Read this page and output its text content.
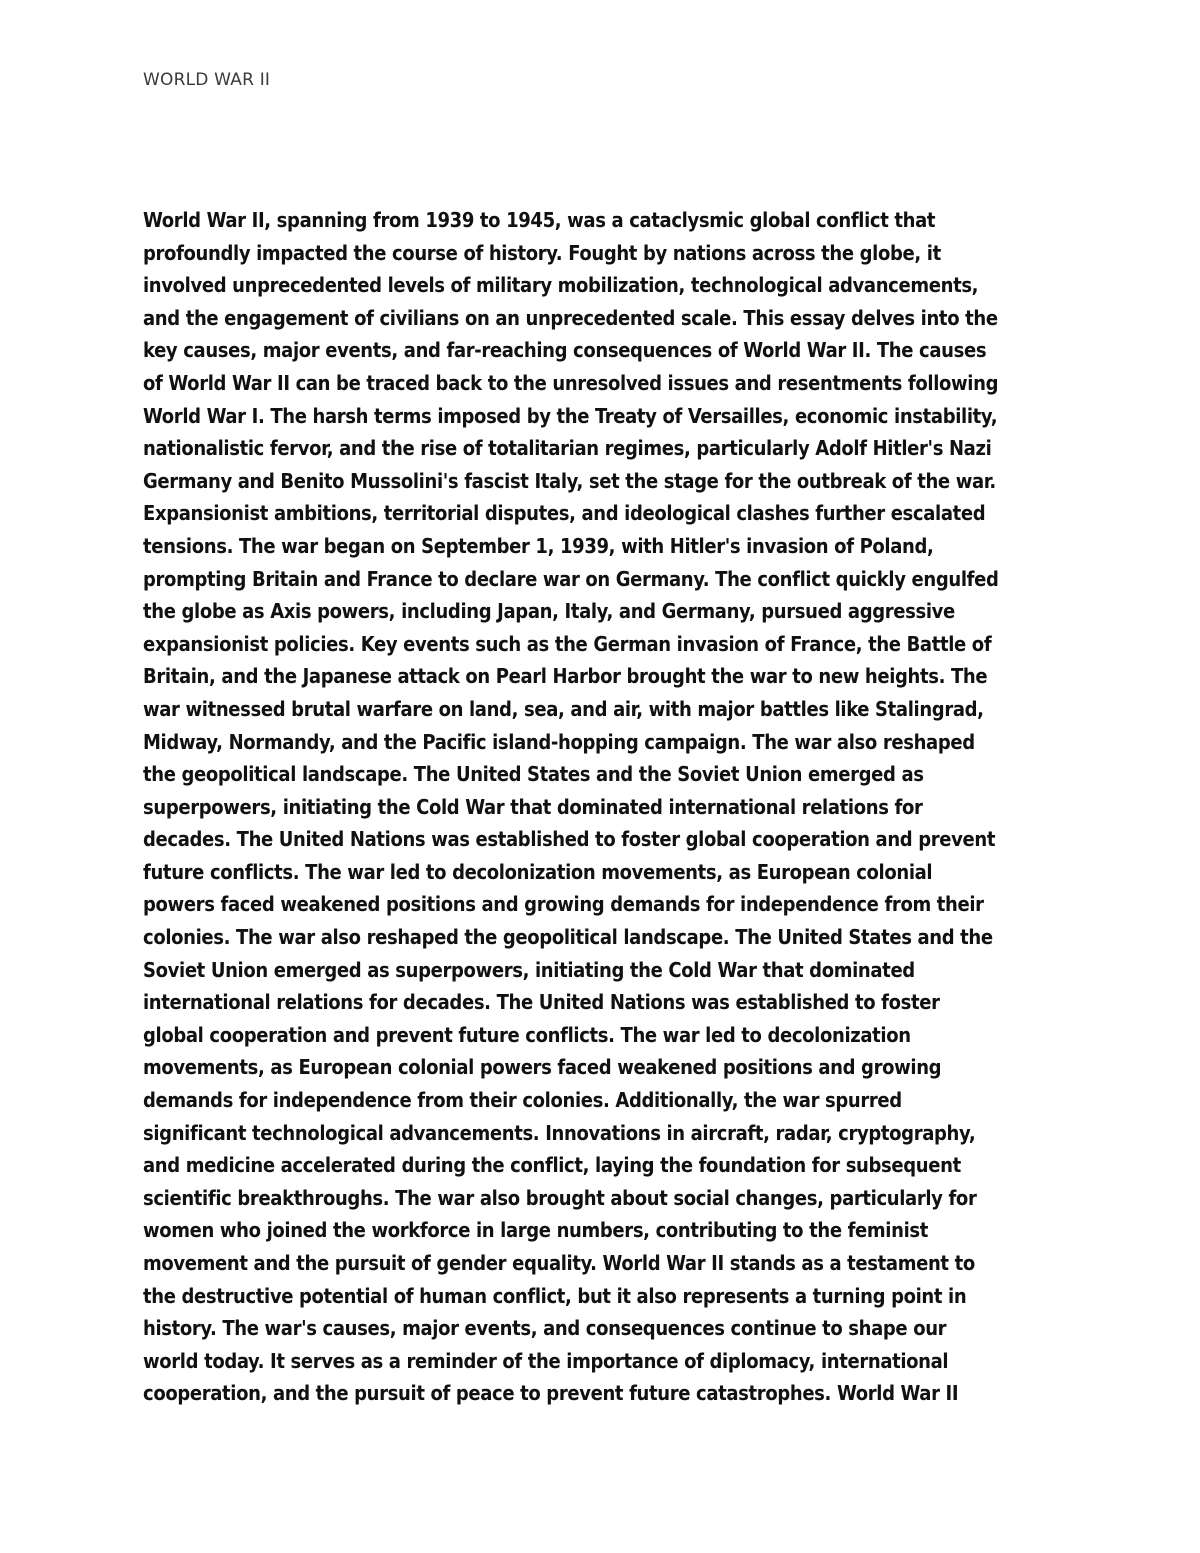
WORLD WAR II
World War II, spanning from 1939 to 1945, was a cataclysmic global conflict that
profoundly impacted the course of history. Fought by nations across the globe, it
involved unprecedented levels of military mobilization, technological advancements,
and the engagement of civilians on an unprecedented scale. This essay delves into the
key causes, major events, and far-reaching consequences of World War II. The causes
of World War II can be traced back to the unresolved issues and resentments following
World War I. The harsh terms imposed by the Treaty of Versailles, economic instability,
nationalistic fervor, and the rise of totalitarian regimes, particularly Adolf Hitler's Nazi
Germany and Benito Mussolini's fascist Italy, set the stage for the outbreak of the war.
Expansionist ambitions, territorial disputes, and ideological clashes further escalated
tensions. The war began on September 1, 1939, with Hitler's invasion of Poland,
prompting Britain and France to declare war on Germany. The conflict quickly engulfed
the globe as Axis powers, including Japan, Italy, and Germany, pursued aggressive
expansionist policies. Key events such as the German invasion of France, the Battle of
Britain, and the Japanese attack on Pearl Harbor brought the war to new heights. The
war witnessed brutal warfare on land, sea, and air, with major battles like Stalingrad,
Midway, Normandy, and the Pacific island-hopping campaign. The war also reshaped
the geopolitical landscape. The United States and the Soviet Union emerged as
superpowers, initiating the Cold War that dominated international relations for
decades. The United Nations was established to foster global cooperation and prevent
future conflicts. The war led to decolonization movements, as European colonial
powers faced weakened positions and growing demands for independence from their
colonies. The war also reshaped the geopolitical landscape. The United States and the
Soviet Union emerged as superpowers, initiating the Cold War that dominated
international relations for decades. The United Nations was established to foster
global cooperation and prevent future conflicts. The war led to decolonization
movements, as European colonial powers faced weakened positions and growing
demands for independence from their colonies. Additionally, the war spurred
significant technological advancements. Innovations in aircraft, radar, cryptography,
and medicine accelerated during the conflict, laying the foundation for subsequent
scientific breakthroughs. The war also brought about social changes, particularly for
women who joined the workforce in large numbers, contributing to the feminist
movement and the pursuit of gender equality. World War II stands as a testament to
the destructive potential of human conflict, but it also represents a turning point in
history. The war's causes, major events, and consequences continue to shape our
world today. It serves as a reminder of the importance of diplomacy, international
cooperation, and the pursuit of peace to prevent future catastrophes. World War II
